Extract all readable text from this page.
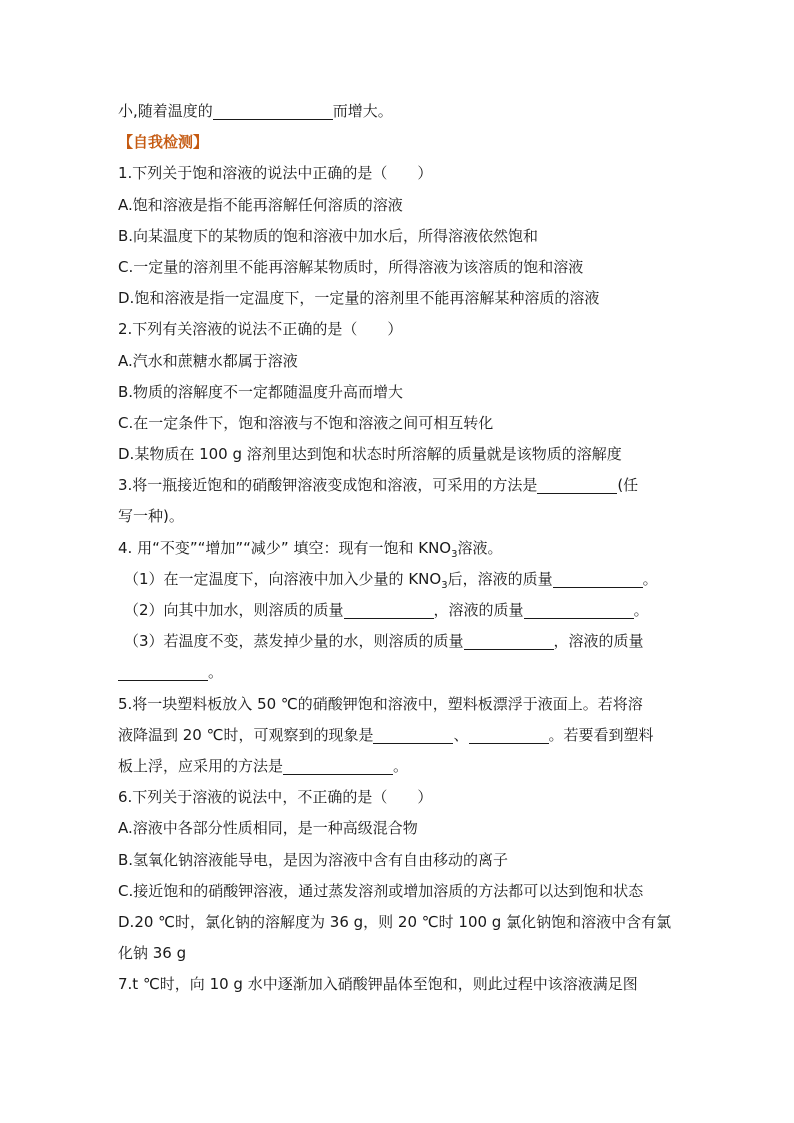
小,随着温度的	而增大。
【自我检测】
1.下列关于饱和溶液的说法中正确的是（　　）
A.饱和溶液是指不能再溶解任何溶质的溶液
B.向某温度下的某物质的饱和溶液中加水后，所得溶液依然饱和
C.一定量的溶剂里不能再溶解某物质时，所得溶液为该溶质的饱和溶液
D.饱和溶液是指一定温度下，一定量的溶剂里不能再溶解某种溶质的溶液
2.下列有关溶液的说法不正确的是（　　）
A.汽水和蔗糖水都属于溶液
B.物质的溶解度不一定都随温度升高而增大
C.在一定条件下，饱和溶液与不饱和溶液之间可相互转化
D.某物质在 100 g 溶剂里达到饱和状态时所溶解的质量就是该物质的溶解度
3.将一瓶接近饱和的硝酸钾溶液变成饱和溶液，可采用的方法是	(任
写一种)。
4. 用“不变”“增加”“减少” 填空：现有一饱和 $KNO_3$溶液。
（1）在一定温度下，向溶液中加入少量的 $KNO_3$后，溶液的质量	。
（2）向其中加水，则溶质的质量	，溶液的质量	。
（3）若温度不变，蒸发掉少量的水，则溶质的质量	，溶液的质量
。
5.将一块塑料板放入 50 ℃的硝酸钾饱和溶液中，塑料板漂浮于液面上。若将溶
液降温到 20 ℃时，可观察到的现象是	、	。若要看到塑料
板上浮，应采用的方法是	。
6.下列关于溶液的说法中，不正确的是（　　）
A.溶液中各部分性质相同，是一种高级混合物
B.氢氧化钠溶液能导电，是因为溶液中含有自由移动的离子
C.接近饱和的硝酸钾溶液，通过蒸发溶剂或增加溶质的方法都可以达到饱和状态
D.20 ℃时，氯化钠的溶解度为 36 g，则 20 ℃时 100 g 氯化钠饱和溶液中含有氯
化钠 36 g
7.t ℃时，向 10 g 水中逐渐加入硝酸钾晶体至饱和，则此过程中该溶液满足图
